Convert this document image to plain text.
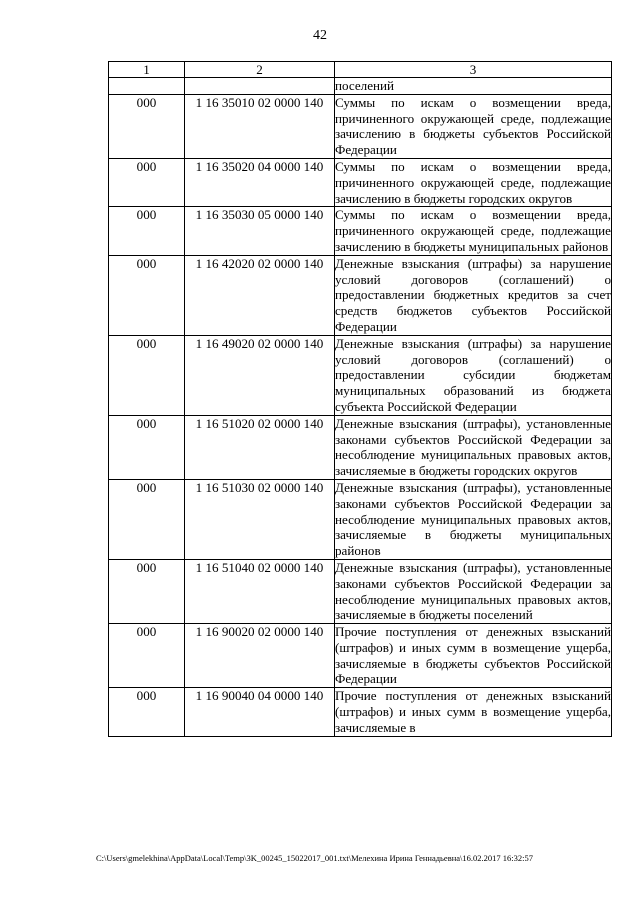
42
1	2	3
		поселений
000	1 16 35010 02 0000 140	Суммы по искам о возмещении вреда, причиненного окружающей среде, подлежащие зачислению в бюджеты субъектов Российской Федерации
000	1 16 35020 04 0000 140	Суммы по искам о возмещении вреда, причиненного окружающей среде, подлежащие зачислению в бюджеты городских округов
000	1 16 35030 05 0000 140	Суммы по искам о возмещении вреда, причиненного окружающей среде, подлежащие зачислению в бюджеты муниципальных районов
000	1 16 42020 02 0000 140	Денежные взыскания (штрафы) за нарушение условий договоров (соглашений) о предоставлении бюджетных кредитов за счет средств бюджетов субъектов Российской Федерации
000	1 16 49020 02 0000 140	Денежные взыскания (штрафы) за нарушение условий договоров (соглашений) о предоставлении субсидии бюджетам муниципальных образований из бюджета субъекта Российской Федерации
000	1 16 51020 02 0000 140	Денежные взыскания (штрафы), установленные законами субъектов Российской Федерации за несоблюдение муниципальных правовых актов, зачисляемые в бюджеты городских округов
000	1 16 51030 02 0000 140	Денежные взыскания (штрафы), установленные законами субъектов Российской Федерации за несоблюдение муниципальных правовых актов, зачисляемые в бюджеты муниципальных районов
000	1 16 51040 02 0000 140	Денежные взыскания (штрафы), установленные законами субъектов Российской Федерации за несоблюдение муниципальных правовых актов, зачисляемые в бюджеты поселений
000	1 16 90020 02 0000 140	Прочие поступления от денежных взысканий (штрафов) и иных сумм в возмещение ущерба, зачисляемые в бюджеты субъектов Российской Федерации
000	1 16 90040 04 0000 140	Прочие поступления от денежных взысканий (штрафов) и иных сумм в возмещение ущерба, зачисляемые в
C:\Users\gmelekhina\AppData\Local\Temp\3K_00245_15022017_001.txt\Мелехина Ирина Геннадьевна\16.02.2017 16:32:57
